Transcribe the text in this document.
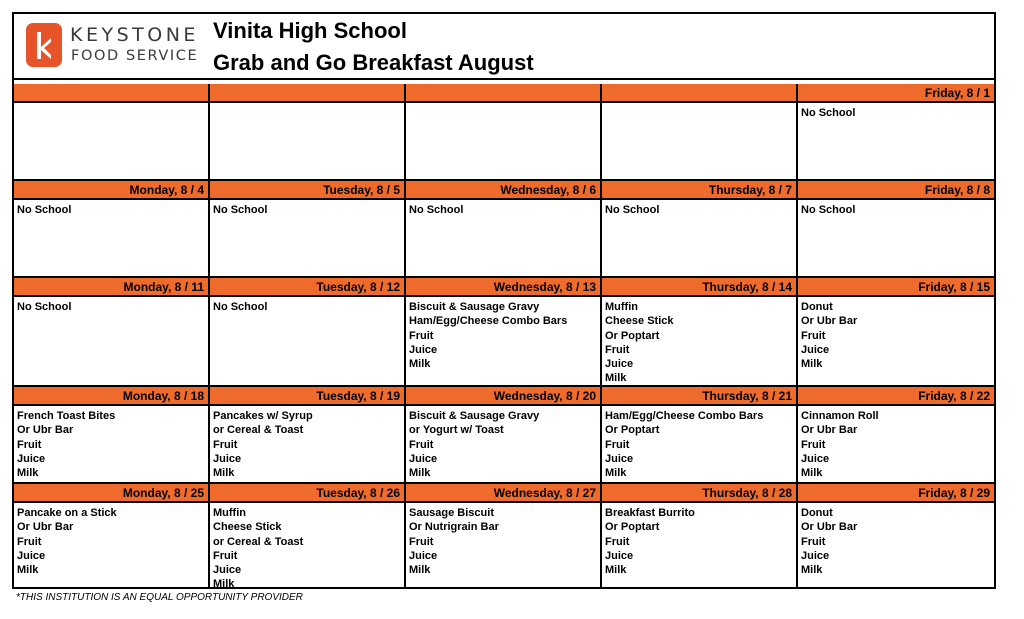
KEYSTONE
FOOD SERVICE
Vinita High School
Grab and Go Breakfast August
Friday, 8 / 1
No School
Monday, 8 / 4
No School
Tuesday, 8 / 5
No School
Wednesday, 8 / 6
No School
Thursday, 8 / 7
No School
Friday, 8 / 8
No School
Monday, 8 / 11
No School
Tuesday, 8 / 12
No School
Wednesday, 8 / 13
Biscuit & Sausage Gravy
Ham/Egg/Cheese Combo Bars
Fruit
Juice
Milk
Thursday, 8 / 14
Muffin
Cheese Stick
Or Poptart
Fruit
Juice
Milk
Friday, 8 / 15
Donut
Or Ubr Bar
Fruit
Juice
Milk
Monday, 8 / 18
French Toast Bites
Or Ubr Bar
Fruit
Juice
Milk
Tuesday, 8 / 19
Pancakes w/ Syrup
or Cereal & Toast
Fruit
Juice
Milk
Wednesday, 8 / 20
Biscuit & Sausage Gravy
or Yogurt w/ Toast
Fruit
Juice
Milk
Thursday, 8 / 21
Ham/Egg/Cheese Combo Bars
Or Poptart
Fruit
Juice
Milk
Friday, 8 / 22
Cinnamon Roll
Or Ubr Bar
Fruit
Juice
Milk
Monday, 8 / 25
Pancake on a Stick
Or Ubr Bar
Fruit
Juice
Milk
Tuesday, 8 / 26
Muffin
Cheese Stick
or Cereal & Toast
Fruit
Juice
Milk
Wednesday, 8 / 27
Sausage Biscuit
Or Nutrigrain Bar
Fruit
Juice
Milk
Thursday, 8 / 28
Breakfast Burrito
Or Poptart
Fruit
Juice
Milk
Friday, 8 / 29
Donut
Or Ubr Bar
Fruit
Juice
Milk
*THIS INSTITUTION IS AN EQUAL OPPORTUNITY PROVIDER
